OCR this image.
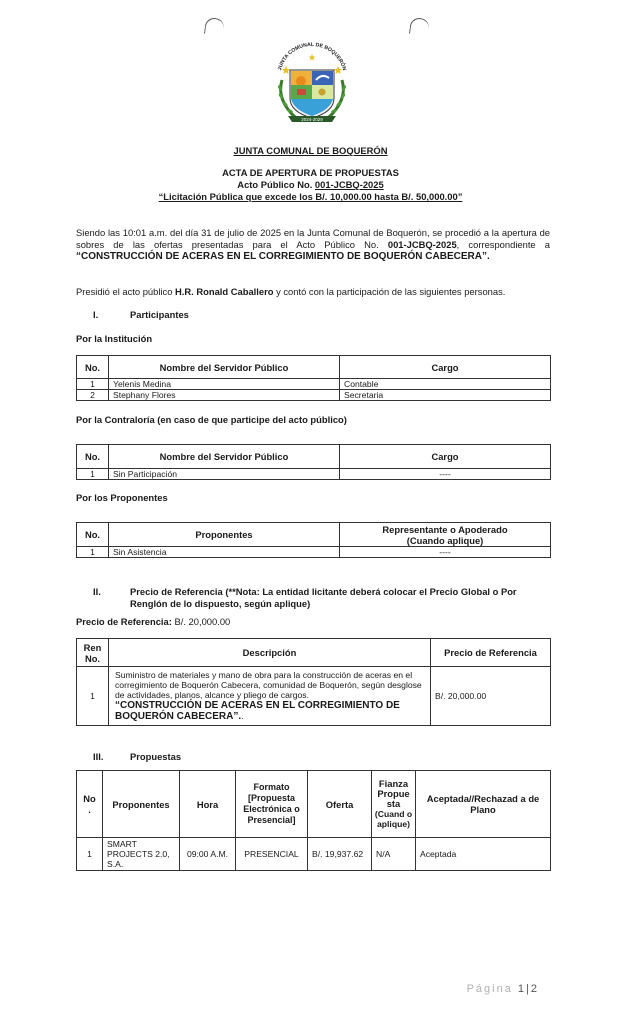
JUNTA COMUNAL DE BOQUERÓN
2024-2029
JUNTA COMUNAL DE BOQUERÓN
ACTA DE APERTURA DE PROPUESTAS
Acto Público No. 001-JCBQ-2025
“Licitación Pública que excede los B/. 10,000.00 hasta B/. 50,000.00”
Siendo las 10:01 a.m. del día 31 de julio de 2025 en la Junta Comunal de Boquerón, se procedió a la apertura de sobres de las ofertas presentadas para el Acto Público No. 001-JCBQ-2025, correspondiente a “CONSTRUCCIÓN DE ACERAS EN EL CORREGIMIENTO DE BOQUERÓN CABECERA”.
Presidió el acto público H.R. Ronald Caballero y contó con la participación de las siguientes personas.
I.	Participantes
Por la Institución
No.	Nombre del Servidor Público	Cargo
1	Yelenis Medina	Contable
2	Stephany Flores	Secretaria
Por la Contraloría (en caso de que participe del acto público)
No.	Nombre del Servidor Público	Cargo
1	Sin Participación	----
Por los Proponentes
No.	Proponentes	Representante o Apoderado
(Cuando aplique)

1	Sin Asistencia	----
II.	Precio de Referencia (**Nota: La entidad licitante deberá colocar el Precio Global o Por Renglón de lo dispuesto, según aplique)
Precio de Referencia: B/. 20,000.00
Ren No.	Descripción	Precio de Referencia
1	Suministro de materiales y mano de obra para la construcción de aceras en el corregimiento de Boquerón Cabecera, comunidad de Boquerón, según desglose de actividades, planos, alcance y pliego de cargos.
“CONSTRUCCIÓN DE ACERAS EN EL CORREGIMIENTO DE BOQUERÓN CABECERA”..	B/. 20,000.00
III.	Propuestas
No .	Proponentes	Hora	Formato [Propuesta Electrónica o Presencial]	Oferta	Fianza Propue sta
(Cuand o aplique)	Aceptada//Rechazad a de Plano
1	SMART PROJECTS 2.0, S.A.	09:00 A.M.	PRESENCIAL	B/. 19,937.62	N/A	Aceptada
Página 1|2
